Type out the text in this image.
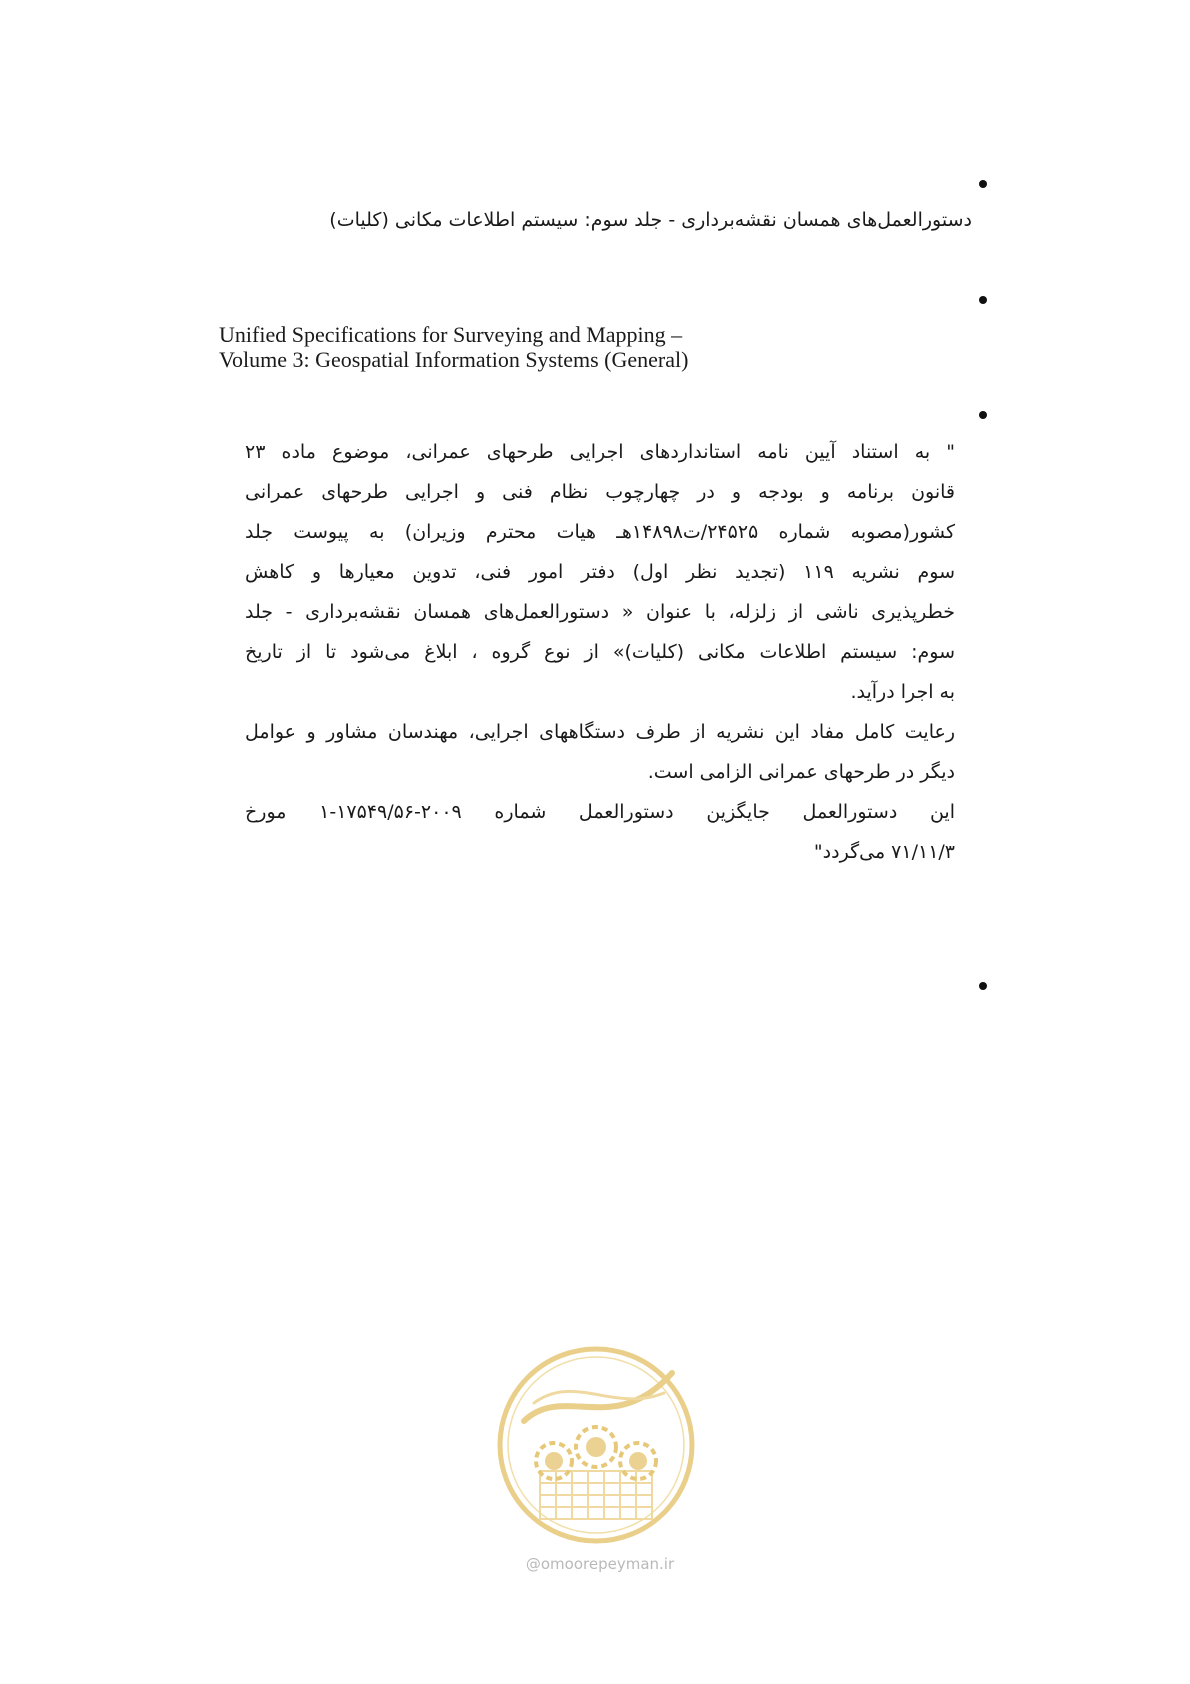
دستورالعمل‌های همسان نقشه‌برداری - جلد سوم: سیستم اطلاعات مکانی (کلیات)
Unified Specifications for Surveying and Mapping –
Volume 3: Geospatial Information Systems (General)
" به استناد آیین نامه استانداردهای اجرایی طرحهای عمرانی، موضوع ماده ۲۳
قانون برنامه و بودجه و در چهارچوب نظام فنی و اجرایی طرحهای عمرانی
کشور(مصوبه شماره ۲۴۵۲۵/ت۱۴۸۹۸هـ هیات محترم وزیران) به پیوست جلد
سوم نشریه ۱۱۹ (تجدید نظر اول) دفتر امور فنی، تدوین معیارها و کاهش
خطرپذیری ناشی از زلزله، با عنوان « دستورالعمل‌های همسان نقشه‌برداری - جلد
سوم: سیستم اطلاعات مکانی (کلیات)» از نوع گروه ، ابلاغ می‌شود تا از تاریخ
به اجرا درآید.
رعایت کامل مفاد این نشریه از طرف دستگاههای اجرایی، مهندسان مشاور و عوامل
دیگر در طرحهای عمرانی الزامی است.
این دستورالعمل جایگزین دستورالعمل شماره ۲۰۰۹-۱۷۵۴۹/۵۶-۱ مورخ
۷۱/۱۱/۳ می‌گردد"
@omoorepeyman.ir
